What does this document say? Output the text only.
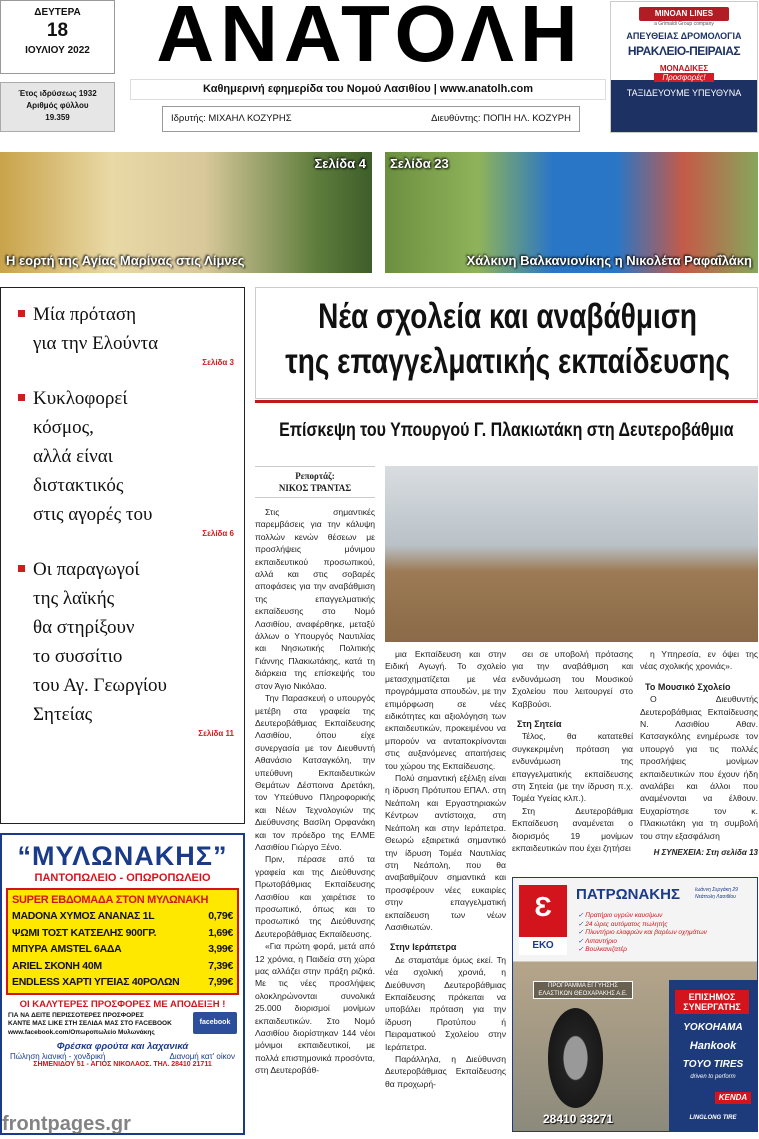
ΔΕΥΤΕΡΑ
18
ΙΟΥΛΙΟΥ 2022
Έτος ιδρύσεως 1932
Αριθμός φύλλου
19.359
ΑΝΑΤΟΛΗ
Καθημερινή εφημερίδα του Νομού Λασιθίου | www.anatolh.com
Ιδρυτής: ΜΙΧΑΗΛ ΚΟΖΥΡΗΣ	Διευθύντης: ΠΟΠΗ ΗΛ. ΚΟΖΥΡΗ
MINOAN LINES
a Grimaldi Group company
ΑΠΕΥΘΕΙΑΣ ΔΡΟΜΟΛΟΓΙΑ
ΗΡΑΚΛΕΙΟ-ΠΕΙΡΑΙΑΣ
ΜΟΝΑΔΙΚΕΣ
Προσφορές!
ΤΑΞΙΔΕΥΟΥΜΕ ΥΠΕΥΘΥΝΑ
Σελίδα 4
Η εορτή της Αγίας Μαρίνας στις Λίμνες
Σελίδα 23
Χάλκινη Βαλκανιονίκης η Νικολέτα Ραφαΐλάκη
Μία πρόταση
για την Ελούντα
Σελίδα 3
Κυκλοφορεί
κόσμος,
αλλά είναι
διστακτικός
στις αγορές του
Σελίδα 6
Οι παραγωγοί
της λαϊκής
θα στηρίξουν
το συσσίτιο
του Αγ. Γεωργίου
Σητείας
Σελίδα 11
Νέα σχολεία και αναβάθμιση
της επαγγελματικής εκπαίδευσης
Επίσκεψη του Υπουργού Γ. Πλακιωτάκη στη Δευτεροβάθμια
Ρεπορτάζ:
ΝΙΚΟΣ ΤΡΑΝΤΑΣ

Στις σημαντικές παρεμβάσεις για την κάλυψη πολλών κενών θέσεων με προσλήψεις μόνιμου εκπαιδευτικού προσωπικού, αλλά και στις σοβαρές αποφάσεις για την αναβάθμιση της επαγγελματικής εκπαίδευσης στο Νομό Λασιθίου, αναφέρθηκε, μεταξύ άλλων ο Υπουργός Ναυτιλίας και Νησιωτικής Πολιτικής Γιάννης Πλακιωτάκης, κατά τη διάρκεια της επίσκεψής του στον Άγιο Νικόλαο.

Την Παρασκευή ο υπουργός μετέβη στα γραφεία της Δευτεροβάθμιας Εκπαίδευσης Λασιθίου, όπου είχε συνεργασία με τον Διευθυντή Αθανάσιο Κατσαγκόλη, την υπεύθυνη Εκπαιδευτικών Θεμάτων Δέσποινα Δρετάκη, τον Υπεύθυνο Πληροφορικής και Νέων Τεχνολογιών της Διεύθυνσης Βασίλη Ορφανάκη και τον πρόεδρο της ΕΛΜΕ Λασιθίου Γιώργο Ξένο.

Πριν, πέρασε από τα γραφεία και της Διεύθυνσης Πρωτοβάθμιας Εκπαίδευσης Λασιθίου και χαιρέτισε το προσωπικό, όπως και το προσωπικό της Διεύθυνσης Δευτεροβάθμιας Εκπαίδευσης.

«Για πρώτη φορά, μετά από 12 χρόνια, η Παιδεία στη χώρα μας αλλάζει στην πράξη ριζικά. Με τις νέες προσλήψεις ολοκληρώνονται συνολικά 25.000 διορισμοί μονίμων εκπαιδευτικών. Στο Νομό Λασιθίου διορίστηκαν 144 νέοι μόνιμοι εκπαιδευτικοί, με πολλά επιστημονικά προσόντα, στη Δευτεροβάθ-

μια Εκπαίδευση και στην Ειδική Αγωγή. Το σχολείο μετασχηματίζεται με νέα προγράμματα σπουδών, με την επιμόρφωση σε νέες ειδικότητες και αξιολόγηση των εκπαιδευτικών, προκειμένου να μπορούν να ανταποκρίνονται στις αυξανόμενες απαιτήσεις του χώρου της Εκπαίδευσης.

Πολύ σημαντική εξέλιξη είναι η ίδρυση Πρότυπου ΕΠΑΛ. στη Νεάπολη και Εργαστηριακών Κέντρων αντίστοιχα, στη Νεάπολη και στην Ιεράπετρα. Θεωρώ εξαιρετικά σημαντικό την ίδρυση Τομέα Ναυτιλίας στη Νεάπολη, που θα αναβαθμίζουν σημαντικά και προσφέρουν νέες ευκαιρίες στην επαγγελματική εκπαίδευση των νέων Λασιθιωτών.

Στην Ιεράπετρα

Δε σταματάμε όμως εκεί. Τη νέα σχολική χρονιά, η Διεύθυνση Δευτεροβάθμιας Εκπαίδευσης πρόκειται να υποβάλει πρόταση για την ίδρυση Προτύπου ή Πειραματικού Σχολείου στην Ιεράπετρα.

Παράλληλα, η Διεύθυνση Δευτεροβάθμιας Εκπαίδευσης θα προχωρή-

σει σε υποβολή πρότασης για την αναβάθμιση και ενδυνάμωση του Μουσικού Σχολείου που λειτουργεί στο Καββούσι.

Στη Σητεία

Τέλος, θα κατατεθεί συγκεκριμένη πρόταση για ενδυνάμωση της επαγγελματικής εκπαίδευσης στη Σητεία (με την ίδρυση π.χ. Τομέα Υγείας κλπ.).

Στη Δευτεροβάθμια Εκπαίδευση αναμένεται ο διορισμός 19 μονίμων εκπαιδευτικών που έχει ζητήσει

η Υπηρεσία, εν όψει της νέας σχολικής χρονιάς».

Το Μουσικό Σχολείο

Ο Διευθυντής Δευτεροβάθμιας Εκπαίδευσης Ν. Λασιθίου Αθαν. Κατσαγκόλης ενημέρωσε τον υπουργό για τις πολλές προσλήψεις μονίμων εκπαιδευτικών που έχουν ήδη αναλάβει και άλλοι που αναμένονται να έλθουν. Ευχαρίστησε τον κ. Πλακιωτάκη για τη συμβολή του στην εξασφάλιση

Η ΣΥΝΕΧΕΙΑ: Στη σελίδα 13
Ɛ
ΕΚΟ
ΠΑΤΡΩΝΑΚΗΣ	Ιωάννη Σεργάκη 29 Νεάπολη Λασιθίου
✓ Πρατήριο υγρών καυσίμων
✓ 24 ώρες αυτόματος πωλητής
✓ Πλυντήριο ελαφρών και βαρέων οχημάτων
✓ Λιπαντήριο
✓ Βουλκανιζατέρ
ΠΡΟΓΡΑΜΜΑ ΕΓΓΥΗΣΗΣ ΕΛΑΣΤΙΚΩΝ ΘΕΟΧΑΡΑΚΗΣ Α.Ε.	ΕΠΙΣΗΜΟΣ ΣΥΝΕΡΓΑΤΗΣ
YOKOHAMA
Hankook
TOYO TIRES
driven to perform
KENDA
LINGLONG TIRE
28410 33271
“ΜΥΛΩΝΑΚΗΣ”
ΠΑΝΤΟΠΩΛΕΙΟ - ΟΠΩΡΟΠΩΛΕΙΟ
SUPER ΕΒΔΟΜΑΔΑ ΣΤΟΝ ΜΥΛΩΝΑΚΗ
MADONA ΧΥΜΟΣ ΑΝΑΝΑΣ 1L	0,79€
ΨΩΜΙ ΤΟΣΤ ΚΑΤΣΕΛΗΣ 900ΓΡ.	1,69€
ΜΠΥΡΑ AMSTEL 6ΑΔΑ	3,99€
ARIEL ΣΚΟΝΗ 40Μ	7,39€
ENDLESS ΧΑΡΤΙ ΥΓΕΙΑΣ 40ΡΟΛΩΝ	7,99€
ΟΙ ΚΑΛΥΤΕΡΕΣ ΠΡΟΣΦΟΡΕΣ ΜΕ ΑΠΟΔΕΙΞΗ !
ΓΙΑ ΝΑ ΔΕΙΤΕ ΠΕΡΙΣΣΟΤΕΡΕΣ ΠΡΟΣΦΟΡΕΣ
ΚΑΝΤΕ ΜΑΣ LIKE ΣΤΗ ΣΕΛΙΔΑ ΜΑΣ ΣΤΟ FACEBOOK
www.facebook.com/Οπωροπωλείο Μυλωνάκης
facebook
Φρέσκα φρούτα και λαχανικά
Πώληση λιανική - χονδρική	Διανομή κατ' οίκον
ΣΗΜΕΝΙΔΟΥ 51 - ΑΓΙΟΣ ΝΙΚΟΛΑΟΣ. ΤΗΛ. 28410 21711
frontpages.gr
